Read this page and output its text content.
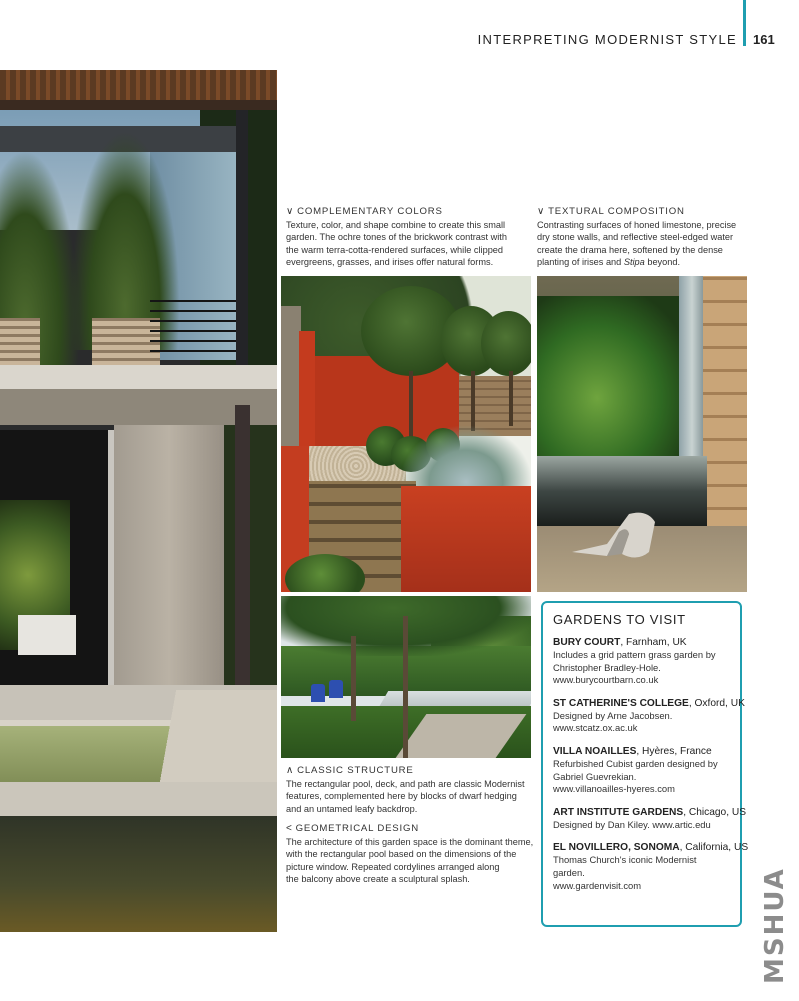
INTERPRETING MODERNIST STYLE 161
∨ COMPLEMENTARY COLORS
Texture, color, and shape combine to create this small
garden. The ochre tones of the brickwork contrast with
the warm terra-cotta-rendered surfaces, while clipped
evergreens, grasses, and irises offer natural forms.
∨ TEXTURAL COMPOSITION
Contrasting surfaces of honed limestone, precise
dry stone walls, and reflective steel-edged water
create the drama here, softened by the dense
planting of irises and Stipa beyond.
∧ CLASSIC STRUCTURE
The rectangular pool, deck, and path are classic Modernist
features, complemented here by blocks of dwarf hedging
and an untamed leafy backdrop.
< GEOMETRICAL DESIGN
The architecture of this garden space is the dominant theme,
with the rectangular pool based on the dimensions of the
picture window. Repeated cordylines arranged along
the balcony above create a sculptural splash.
GARDENS TO VISIT
BURY COURT, Farnham, UK
Includes a grid pattern grass garden by
Christopher Bradley-Hole.
www.burycourtbarn.co.uk
ST CATHERINE'S COLLEGE, Oxford, UK
Designed by Arne Jacobsen.
www.stcatz.ox.ac.uk
VILLA NOAILLES, Hyères, France
Refurbished Cubist garden designed by
Gabriel Guevrekian.
www.villanoailles-hyeres.com
ART INSTITUTE GARDENS, Chicago, US
Designed by Dan Kiley. www.artic.edu
EL NOVILLERO, SONOMA, California, US
Thomas Church's iconic Modernist garden.
www.gardenvisit.com	MSHUA
